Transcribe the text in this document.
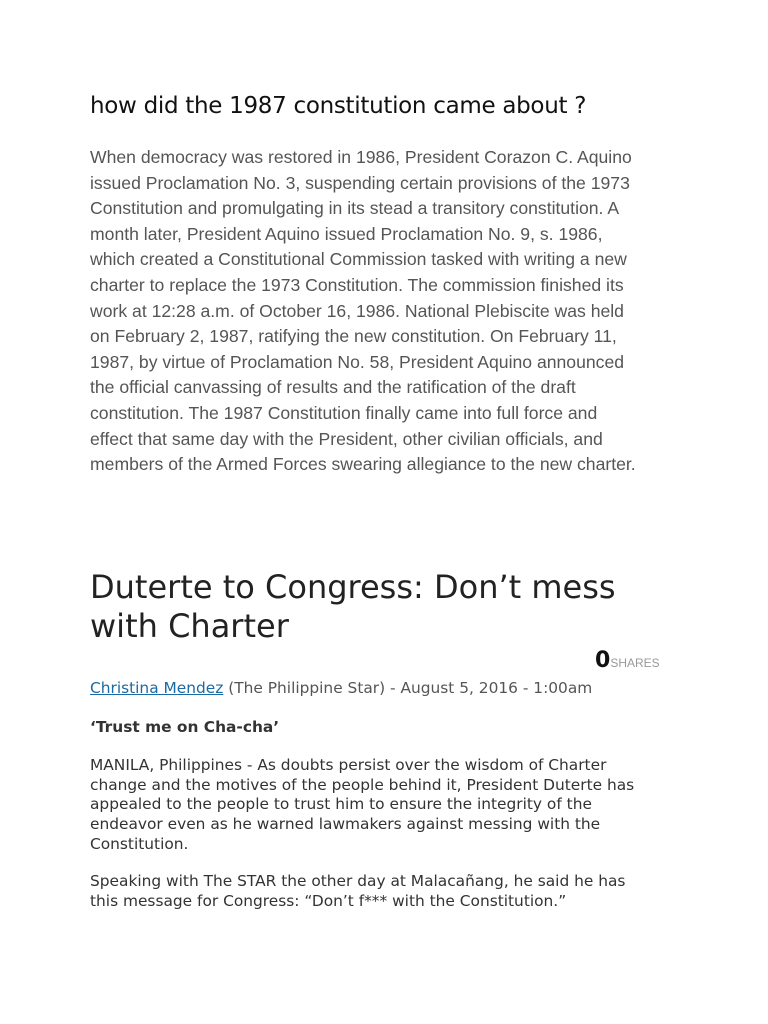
how did the 1987 constitution came about ?

When democracy was restored in 1986, President Corazon C. Aquino
issued Proclamation No. 3, suspending certain provisions of the 1973
Constitution and promulgating in its stead a transitory constitution. A
month later, President Aquino issued Proclamation No. 9, s. 1986,
which created a Constitutional Commission tasked with writing a new
charter to replace the 1973 Constitution. The commission finished its
work at 12:28 a.m. of October 16, 1986. National Plebiscite was held
on February 2, 1987, ratifying the new constitution. On February 11,
1987, by virtue of Proclamation No. 58, President Aquino announced
the official canvassing of results and the ratification of the draft
constitution. The 1987 Constitution finally came into full force and
effect that same day with the President, other civilian officials, and
members of the Armed Forces swearing allegiance to the new charter.

Duterte to Congress: Don’t mess
with Charter
0SHARES
Christina Mendez (The Philippine Star) - August 5, 2016 - 1:00am
‘Trust me on Cha-cha’

MANILA, Philippines - As doubts persist over the wisdom of Charter
change and the motives of the people behind it, President Duterte has
appealed to the people to trust him to ensure the integrity of the
endeavor even as he warned lawmakers against messing with the
Constitution.

Speaking with The STAR the other day at Malacañang, he said he has
this message for Congress: “Don’t f*** with the Constitution.”
